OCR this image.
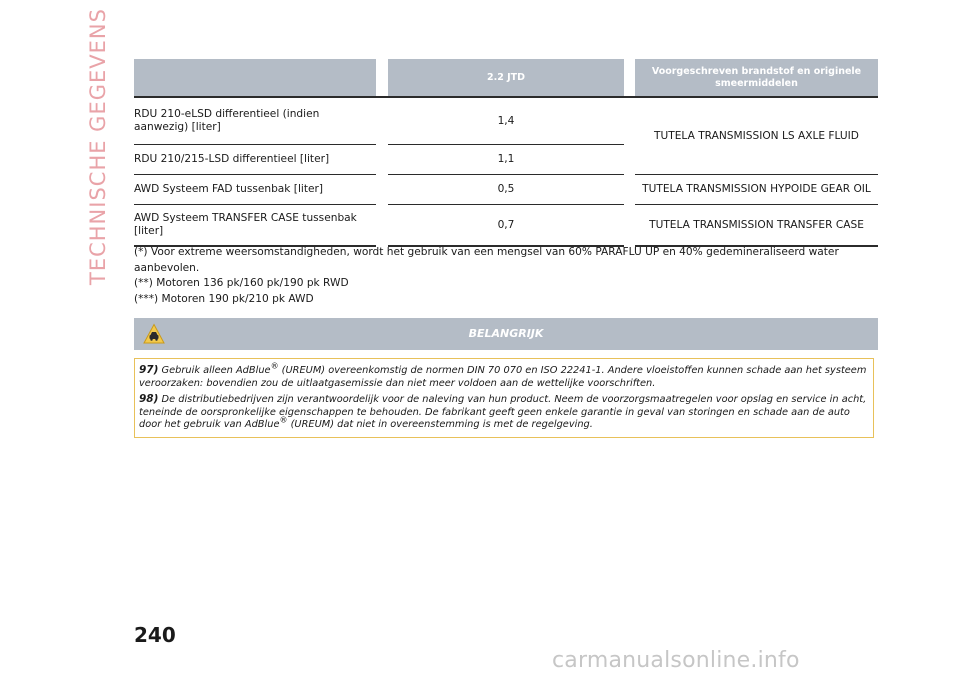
TECHNISCHE GEGEVENS
			2.2 JTD		Voorgeschreven brandstof en originele smeermiddelen
RDU 210-eLSD differentieel (indien aanwezig) [liter]		1,4		TUTELA TRANSMISSION LS AXLE FLUID
RDU 210/215-LSD differentieel [liter]		1,1		
AWD Systeem FAD tussenbak [liter]		0,5		TUTELA TRANSMISSION HYPOIDE GEAR OIL
AWD Systeem TRANSFER CASE tussenbak [liter]		0,7		TUTELA TRANSMISSION TRANSFER CASE

(*) Voor extreme weersomstandigheden, wordt het gebruik van een mengsel van 60% PARAFLU UP en 40% gedemineraliseerd water aanbevolen.

(**) Motoren 136 pk/160 pk/190 pk RWD

(***) Motoren 190 pk/210 pk AWD

BELANGRIJK

97) Gebruik alleen AdBlue® (UREUM) overeenkomstig de normen DIN 70 070 en ISO 22241-1. Andere vloeistoffen kunnen schade aan het systeem veroorzaken: bovendien zou de uitlaatgasemissie dan niet meer voldoen aan de wettelijke voorschriften.

98) De distributiebedrijven zijn verantwoordelijk voor de naleving van hun product. Neem de voorzorgsmaatregelen voor opslag en service in acht, teneinde de oorspronkelijke eigenschappen te behouden. De fabrikant geeft geen enkele garantie in geval van storingen en schade aan de auto door het gebruik van AdBlue® (UREUM) dat niet in overeenstemming is met de regelgeving.

240
carmanualsonline.info
